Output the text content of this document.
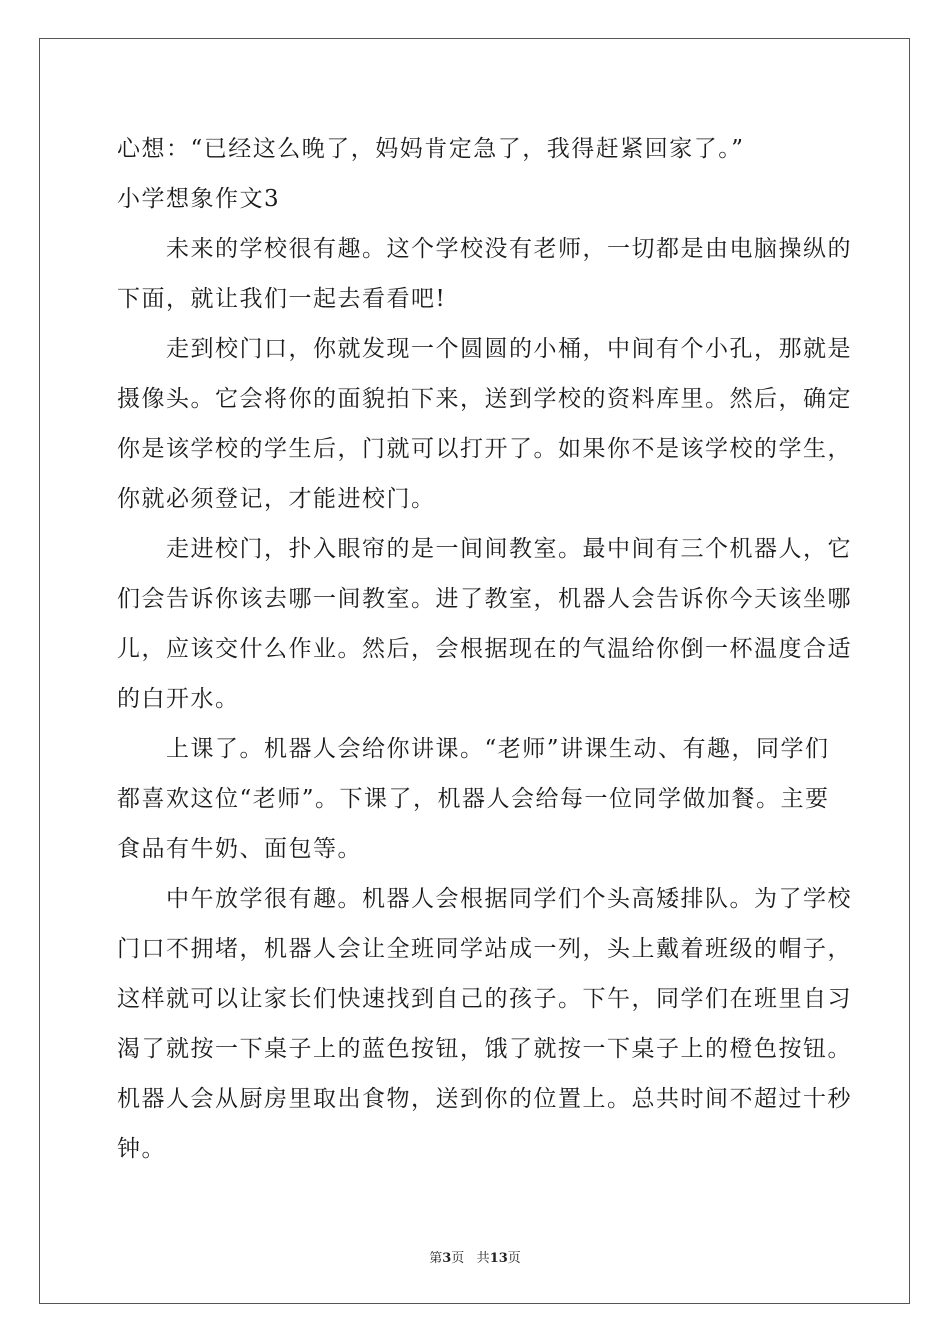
心想：“已经这么晚了，妈妈肯定急了，我得赶紧回家了。”
小学想象作文3
　　未来的学校很有趣。这个学校没有老师，一切都是由电脑操纵的
下面，就让我们一起去看看吧!
　　走到校门口，你就发现一个圆圆的小桶，中间有个小孔，那就是
摄像头。它会将你的面貌拍下来，送到学校的资料库里。然后，确定
你是该学校的学生后，门就可以打开了。如果你不是该学校的学生，
你就必须登记，才能进校门。
　　走进校门，扑入眼帘的是一间间教室。最中间有三个机器人，它
们会告诉你该去哪一间教室。进了教室，机器人会告诉你今天该坐哪
儿，应该交什么作业。然后，会根据现在的气温给你倒一杯温度合适
的白开水。
　　上课了。机器人会给你讲课。“老师”讲课生动、有趣，同学们
都喜欢这位“老师”。下课了，机器人会给每一位同学做加餐。主要
食品有牛奶、面包等。
　　中午放学很有趣。机器人会根据同学们个头高矮排队。为了学校
门口不拥堵，机器人会让全班同学站成一列，头上戴着班级的帽子，
这样就可以让家长们快速找到自己的孩子。下午，同学们在班里自习
渴了就按一下桌子上的蓝色按钮，饿了就按一下桌子上的橙色按钮。
机器人会从厨房里取出食物，送到你的位置上。总共时间不超过十秒
钟。
第3页 共13页
